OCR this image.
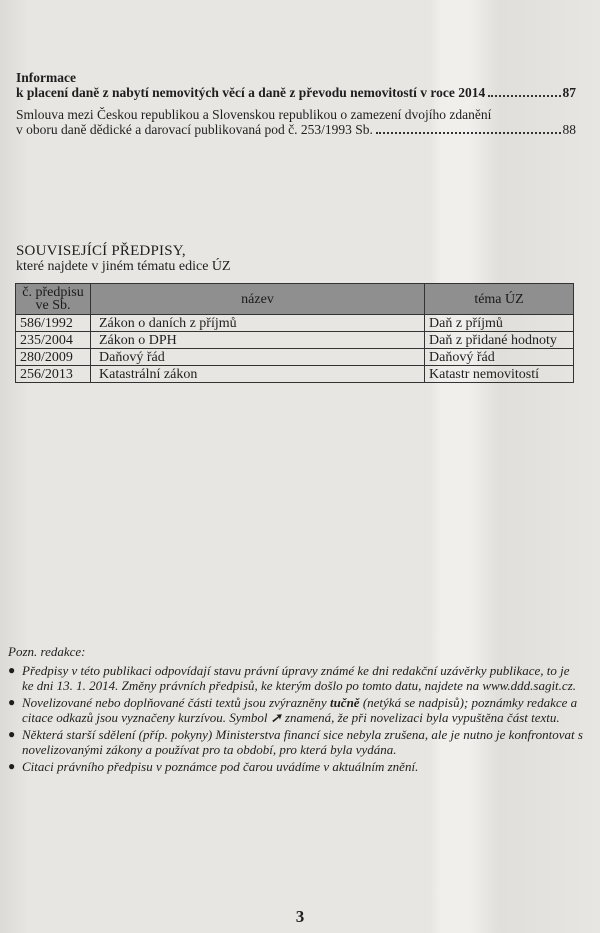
Informace
k placení daně z nabytí nemovitých věcí a daně z převodu nemovitostí v roce 2014	87
Smlouva mezi Českou republikou a Slovenskou republikou o zamezení dvojího zdanění
v oboru daně dědické a darovací publikovaná pod č. 253/1993 Sb.	88
SOUVISEJÍCÍ PŘEDPISY,
které najdete v jiném tématu edice ÚZ
č. předpisu
ve Sb.	název	téma ÚZ
586/1992	Zákon o daních z příjmů	Daň z příjmů
235/2004	Zákon o DPH	Daň z přidané hodnoty
280/2009	Daňový řád	Daňový řád
256/2013	Katastrální zákon	Katastr nemovitostí
Pozn. redakce:
● Předpisy v této publikaci odpovídají stavu právní úpravy známé ke dni redakční uzávěrky publikace, to je ke dni 13. 1. 2014. Změny právních předpisů, ke kterým došlo po tomto datu, najdete na www.ddd.sagit.cz.
● Novelizované nebo doplňované části textů jsou zvýrazněny tučně (netýká se nadpisů); poznámky redakce a citace odkazů jsou vyznačeny kurzívou. Symbol ➚ znamená, že při novelizaci byla vypuštěna část textu.
● Některá starší sdělení (příp. pokyny) Ministerstva financí sice nebyla zrušena, ale je nutno je konfrontovat s novelizovanými zákony a používat pro ta období, pro která byla vydána.
● Citaci právního předpisu v poznámce pod čarou uvádíme v aktuálním znění.
3
